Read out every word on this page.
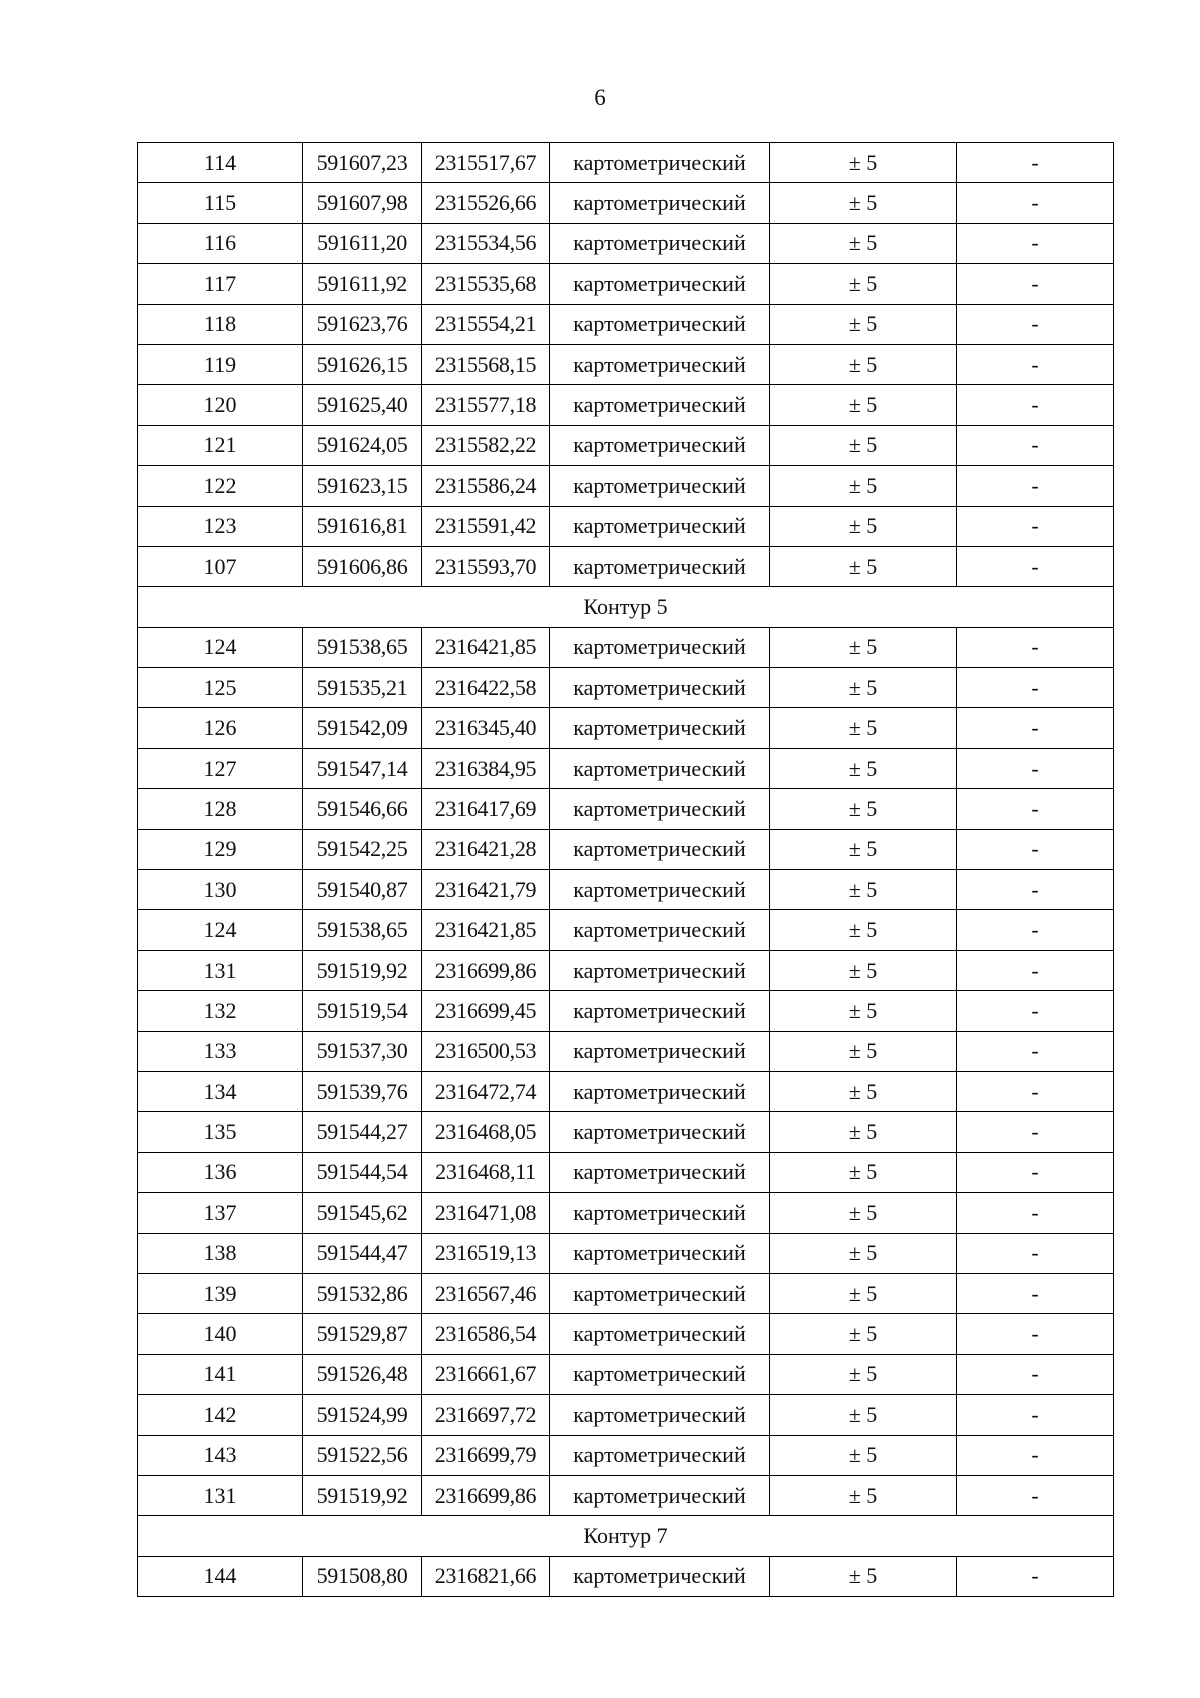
6
114	591607,23	2315517,67	картометрический	± 5	-
115	591607,98	2315526,66	картометрический	± 5	-
116	591611,20	2315534,56	картометрический	± 5	-
117	591611,92	2315535,68	картометрический	± 5	-
118	591623,76	2315554,21	картометрический	± 5	-
119	591626,15	2315568,15	картометрический	± 5	-
120	591625,40	2315577,18	картометрический	± 5	-
121	591624,05	2315582,22	картометрический	± 5	-
122	591623,15	2315586,24	картометрический	± 5	-
123	591616,81	2315591,42	картометрический	± 5	-
107	591606,86	2315593,70	картометрический	± 5	-
Контур 5					
124	591538,65	2316421,85	картометрический	± 5	-
125	591535,21	2316422,58	картометрический	± 5	-
126	591542,09	2316345,40	картометрический	± 5	-
127	591547,14	2316384,95	картометрический	± 5	-
128	591546,66	2316417,69	картометрический	± 5	-
129	591542,25	2316421,28	картометрический	± 5	-
130	591540,87	2316421,79	картометрический	± 5	-
124	591538,65	2316421,85	картометрический	± 5	-
131	591519,92	2316699,86	картометрический	± 5	-
132	591519,54	2316699,45	картометрический	± 5	-
133	591537,30	2316500,53	картометрический	± 5	-
134	591539,76	2316472,74	картометрический	± 5	-
135	591544,27	2316468,05	картометрический	± 5	-
136	591544,54	2316468,11	картометрический	± 5	-
137	591545,62	2316471,08	картометрический	± 5	-
138	591544,47	2316519,13	картометрический	± 5	-
139	591532,86	2316567,46	картометрический	± 5	-
140	591529,87	2316586,54	картометрический	± 5	-
141	591526,48	2316661,67	картометрический	± 5	-
142	591524,99	2316697,72	картометрический	± 5	-
143	591522,56	2316699,79	картометрический	± 5	-
131	591519,92	2316699,86	картометрический	± 5	-
Контур 7					
144	591508,80	2316821,66	картометрический	± 5	-
